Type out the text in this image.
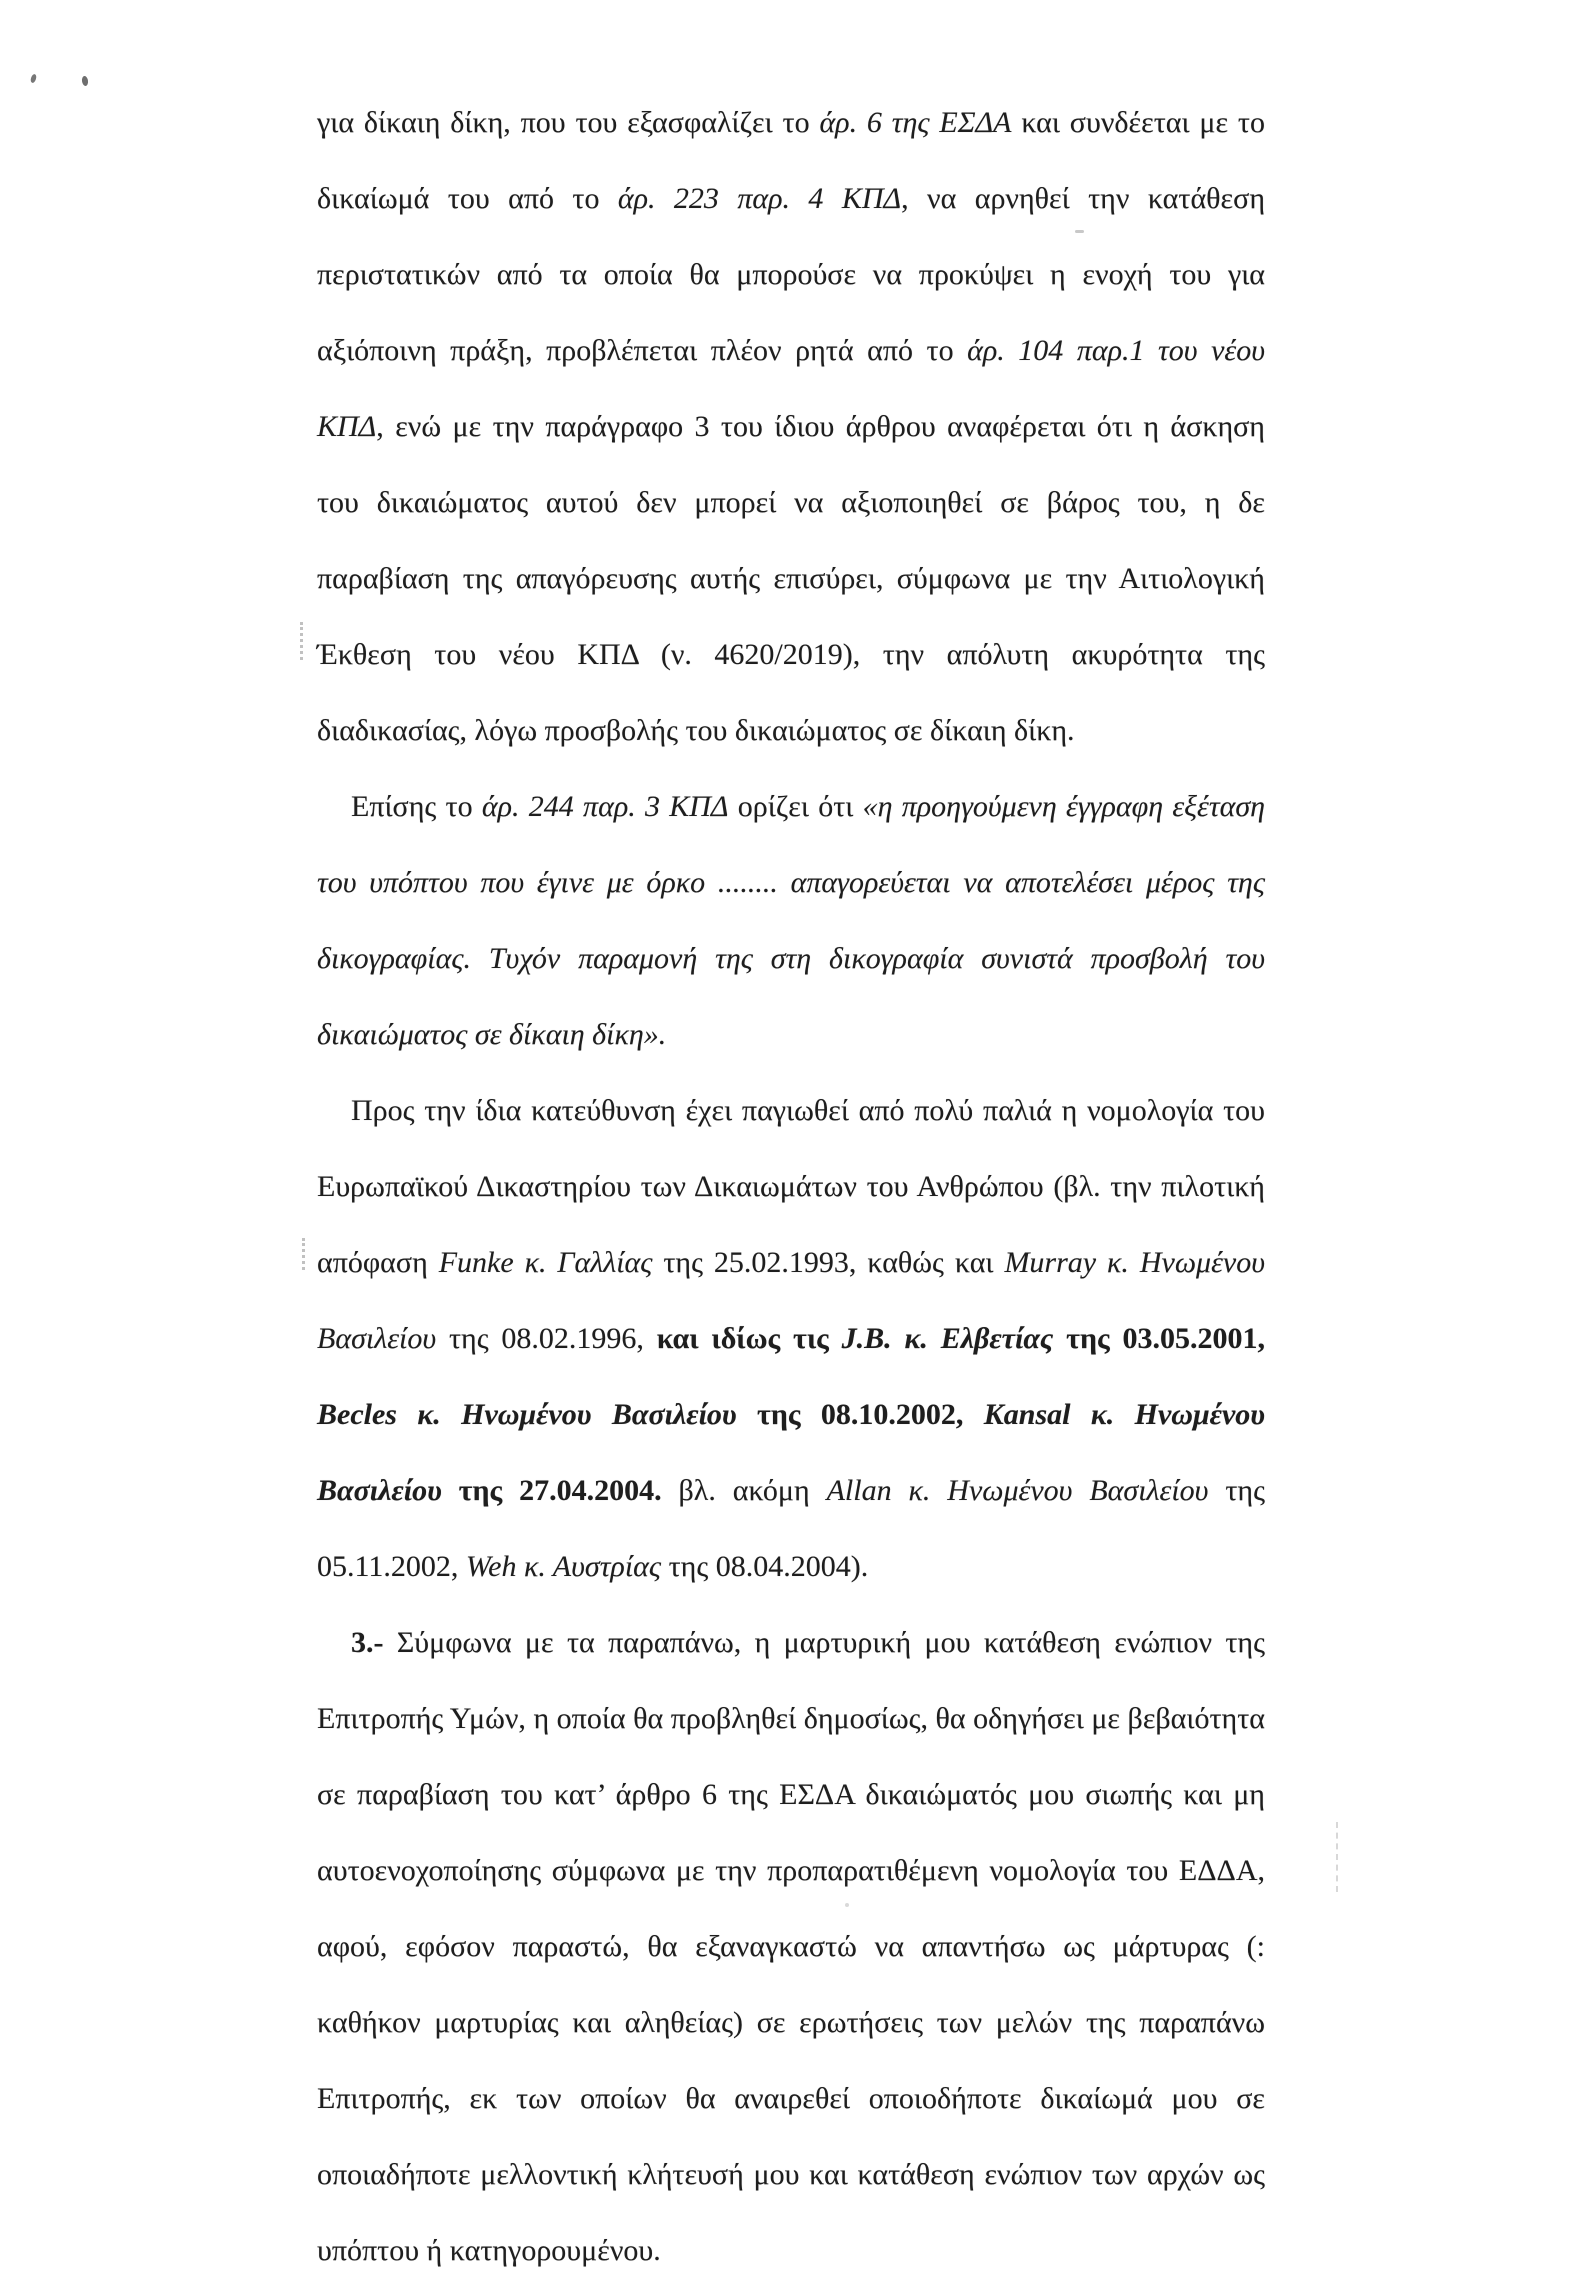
για δίκαιη δίκη, που του εξασφαλίζει το άρ. 6 της ΕΣΔΑ και συνδέεται με το δικαίωμά του από το άρ. 223 παρ. 4 ΚΠΔ, να αρνηθεί την κατάθεση περιστατικών από τα οποία θα μπορούσε να προκύψει η ενοχή του για αξιόποινη πράξη, προβλέπεται πλέον ρητά από το άρ. 104 παρ.1 του νέου ΚΠΔ, ενώ με την παράγραφο 3 του ίδιου άρθρου αναφέρεται ότι η άσκηση του δικαιώματος αυτού δεν μπορεί να αξιοποιηθεί σε βάρος του, η δε παραβίαση της απαγόρευσης αυτής επισύρει, σύμφωνα με την Αιτιολογική Έκθεση του νέου ΚΠΔ (ν. 4620/2019), την απόλυτη ακυρότητα της διαδικασίας, λόγω προσβολής του δικαιώματος σε δίκαιη δίκη.

Επίσης το άρ. 244 παρ. 3 ΚΠΔ ορίζει ότι «η προηγούμενη έγγραφη εξέταση του υπόπτου που έγινε με όρκο ........ απαγορεύεται να αποτελέσει μέρος της δικογραφίας. Τυχόν παραμονή της στη δικογραφία συνιστά προσβολή του δικαιώματος σε δίκαιη δίκη».

Προς την ίδια κατεύθυνση έχει παγιωθεί από πολύ παλιά η νομολογία του Ευρωπαϊκού Δικαστηρίου των Δικαιωμάτων του Ανθρώπου (βλ. την πιλοτική απόφαση Funke κ. Γαλλίας της 25.02.1993, καθώς και Murray κ. Ηνωμένου Βασιλείου της 08.02.1996, και ιδίως τις J.B. κ. Ελβετίας της 03.05.2001, Becles κ. Ηνωμένου Βασιλείου της 08.10.2002, Kansal κ. Ηνωμένου Βασιλείου της 27.04.2004. βλ. ακόμη Allan κ. Ηνωμένου Βασιλείου της 05.11.2002, Weh κ. Αυστρίας της 08.04.2004).

3.- Σύμφωνα με τα παραπάνω, η μαρτυρική μου κατάθεση ενώπιον της Επιτροπής Υμών, η οποία θα προβληθεί δημοσίως, θα οδηγήσει με βεβαιότητα σε παραβίαση του κατ’ άρθρο 6 της ΕΣΔΑ δικαιώματός μου σιωπής και μη αυτοενοχοποίησης σύμφωνα με την προπαρατιθέμενη νομολογία του ΕΔΔΑ, αφού, εφόσον παραστώ, θα εξαναγκαστώ να απαντήσω ως μάρτυρας (: καθήκον μαρτυρίας και αληθείας) σε ερωτήσεις των μελών της παραπάνω Επιτροπής, εκ των οποίων θα αναιρεθεί οποιοδήποτε δικαίωμά μου σε οποιαδήποτε μελλοντική κλήτευσή μου και κατάθεση ενώπιον των αρχών ως υπόπτου ή κατηγορουμένου.
